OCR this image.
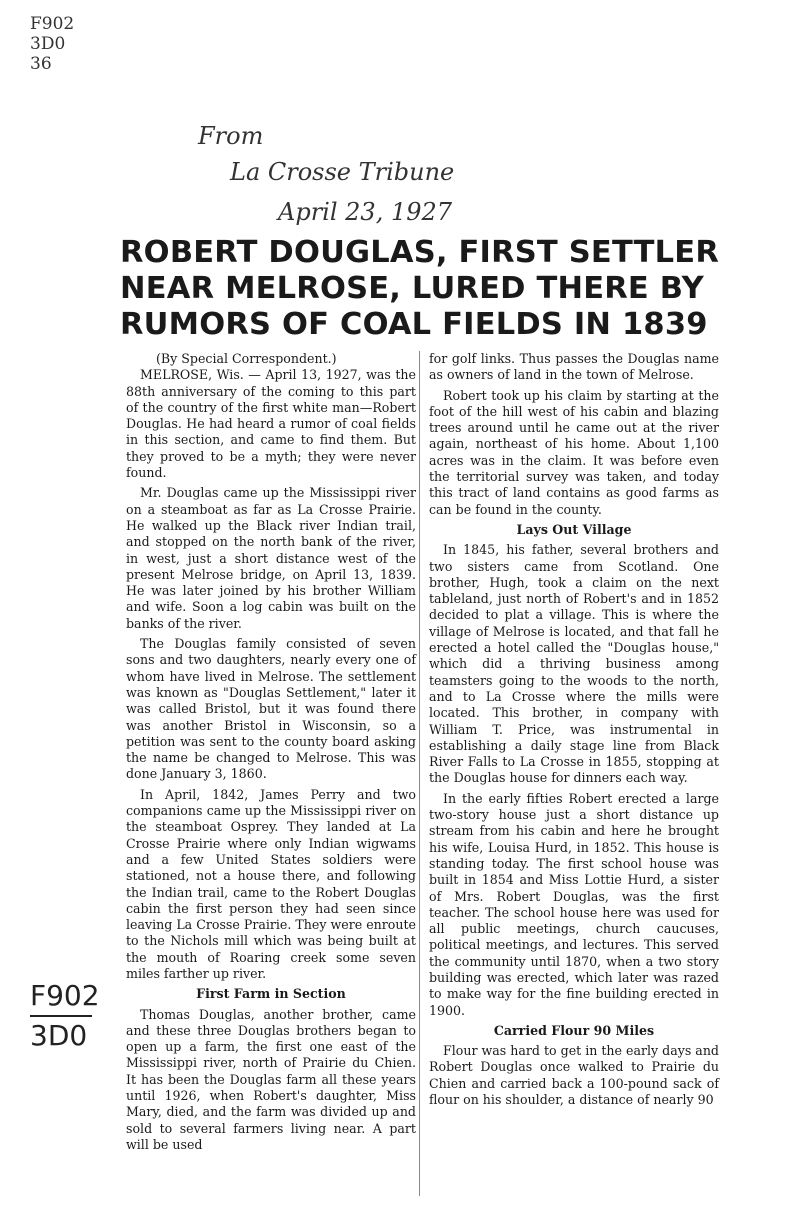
F902
3D0
36
From
La Crosse Tribune
April 23, 1927
F902
3D0
ROBERT DOUGLAS, FIRST SETTLER
NEAR MELROSE, LURED THERE BY
RUMORS OF COAL FIELDS IN 1839

(By Special Correspondent.)

MELROSE, Wis. — April 13, 1927, was the 88th anniversary of the coming to this part of the country of the first white man—Robert Douglas. He had heard a rumor of coal fields in this section, and came to find them. But they proved to be a myth; they were never found.

Mr. Douglas came up the Mississippi river on a steamboat as far as La Crosse Prairie. He walked up the Black river Indian trail, and stopped on the north bank of the river, in west, just a short distance west of the present Melrose bridge, on April 13, 1839. He was later joined by his brother William and wife. Soon a log cabin was built on the banks of the river.

The Douglas family consisted of seven sons and two daughters, nearly every one of whom have lived in Melrose. The settlement was known as "Douglas Settlement," later it was called Bristol, but it was found there was another Bristol in Wisconsin, so a petition was sent to the county board asking the name be changed to Melrose. This was done January 3, 1860.

In April, 1842, James Perry and two companions came up the Mississippi river on the steamboat Osprey. They landed at La Crosse Prairie where only Indian wigwams and a few United States soldiers were stationed, not a house there, and following the Indian trail, came to the Robert Douglas cabin the first person they had seen since leaving La Crosse Prairie. They were enroute to the Nichols mill which was being built at the mouth of Roaring creek some seven miles farther up river.

First Farm in Section

Thomas Douglas, another brother, came and these three Douglas brothers began to open up a farm, the first one east of the Mississippi river, north of Prairie du Chien. It has been the Douglas farm all these years until 1926, when Robert's daughter, Miss Mary, died, and the farm was divided up and sold to several farmers living near. A part will be used

for golf links. Thus passes the Douglas name as owners of land in the town of Melrose.

Robert took up his claim by starting at the foot of the hill west of his cabin and blazing trees around until he came out at the river again, northeast of his home. About 1,100 acres was in the claim. It was before even the territorial survey was taken, and today this tract of land contains as good farms as can be found in the county.

Lays Out Village

In 1845, his father, several brothers and two sisters came from Scotland. One brother, Hugh, took a claim on the next tableland, just north of Robert's and in 1852 decided to plat a village. This is where the village of Melrose is located, and that fall he erected a hotel called the "Douglas house," which did a thriving business among teamsters going to the woods to the north, and to La Crosse where the mills were located. This brother, in company with William T. Price, was instrumental in establishing a daily stage line from Black River Falls to La Crosse in 1855, stopping at the Douglas house for dinners each way.

In the early fifties Robert erected a large two-story house just a short distance up stream from his cabin and here he brought his wife, Louisa Hurd, in 1852. This house is standing today. The first school house was built in 1854 and Miss Lottie Hurd, a sister of Mrs. Robert Douglas, was the first teacher. The school house here was used for all public meetings, church caucuses, political meetings, and lectures. This served the community until 1870, when a two story building was erected, which later was razed to make way for the fine building erected in 1900.

Carried Flour 90 Miles

Flour was hard to get in the early days and Robert Douglas once walked to Prairie du Chien and carried back a 100-pound sack of flour on his shoulder, a distance of nearly 90
